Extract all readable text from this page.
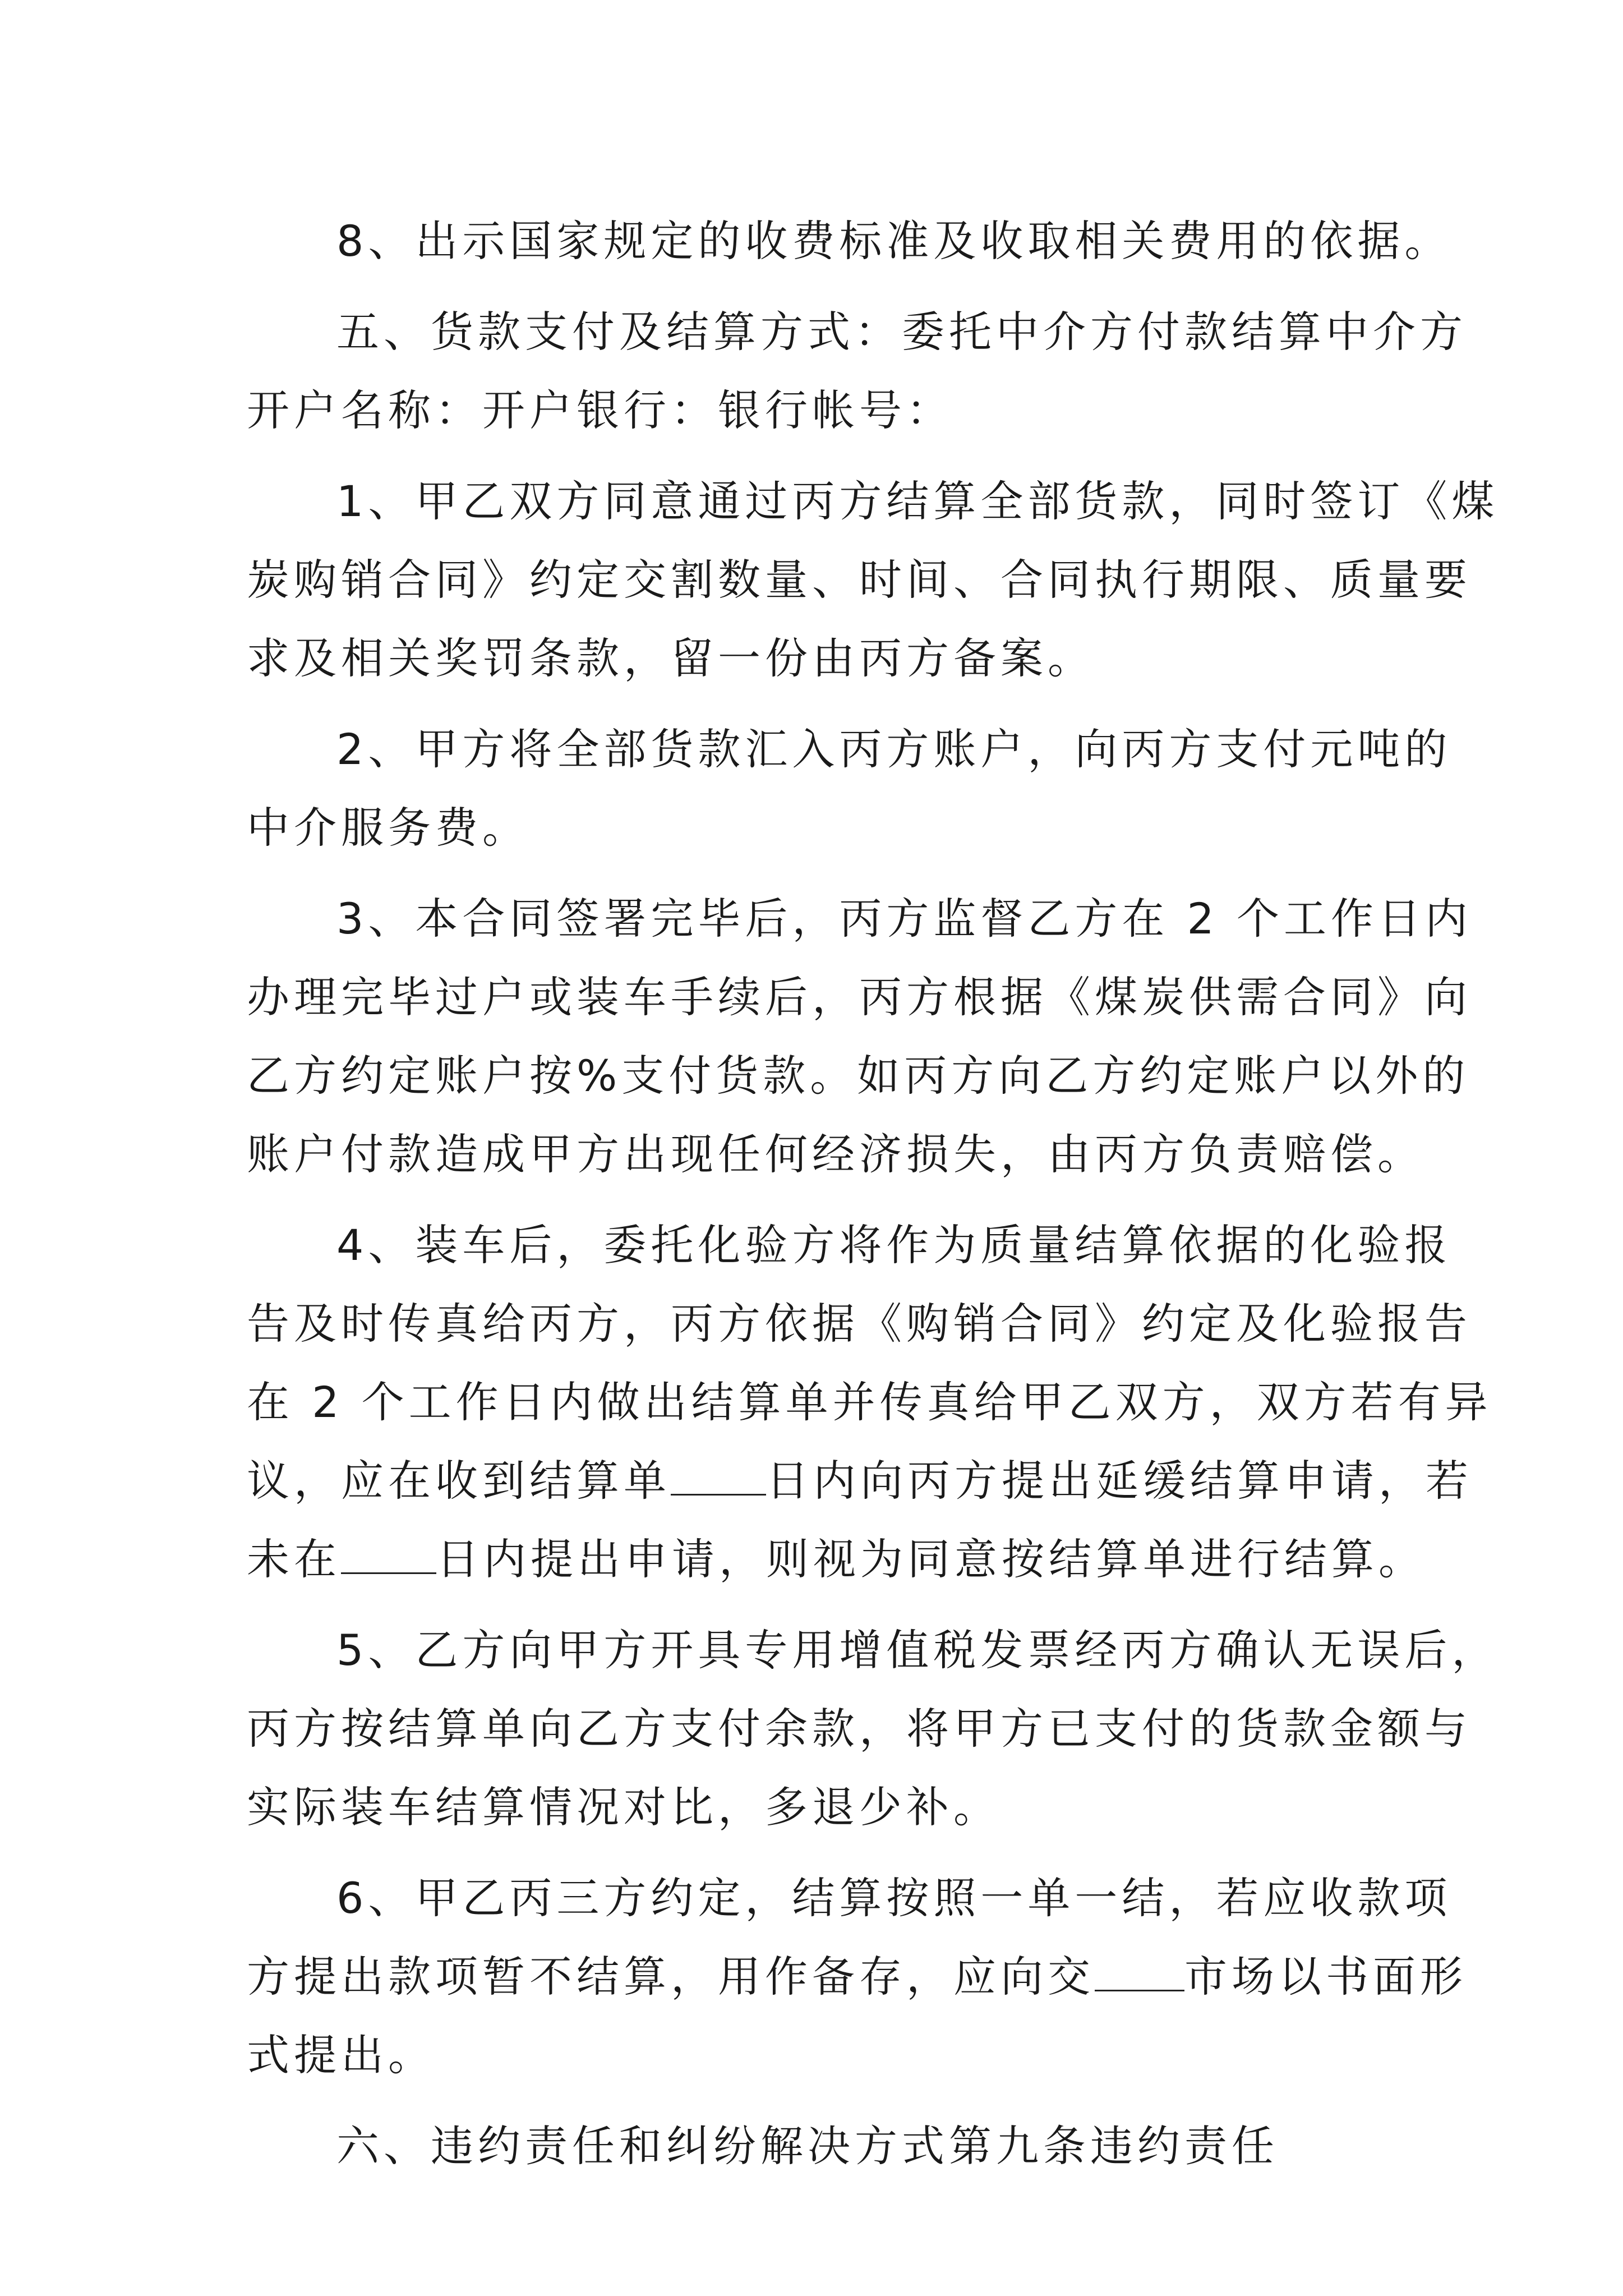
8、出示国家规定的收费标准及收取相关费用的依据。
五、货款支付及结算方式：委托中介方付款结算中介方
开户名称：开户银行：银行帐号：
1、甲乙双方同意通过丙方结算全部货款，同时签订《煤
炭购销合同》约定交割数量、时间、合同执行期限、质量要
求及相关奖罚条款，留一份由丙方备案。
2、甲方将全部货款汇入丙方账户，向丙方支付元吨的
中介服务费。
3、本合同签署完毕后，丙方监督乙方在 2 个工作日内
办理完毕过户或装车手续后，丙方根据《煤炭供需合同》向
乙方约定账户按%支付货款。如丙方向乙方约定账户以外的
账户付款造成甲方出现任何经济损失，由丙方负责赔偿。
4、装车后，委托化验方将作为质量结算依据的化验报
告及时传真给丙方，丙方依据《购销合同》约定及化验报告
在 2 个工作日内做出结算单并传真给甲乙双方，双方若有异
议，应在收到结算单 日内向丙方提出延缓结算申请，若
未在 日内提出申请，则视为同意按结算单进行结算。
5、乙方向甲方开具专用增值税发票经丙方确认无误后，
丙方按结算单向乙方支付余款，将甲方已支付的货款金额与
实际装车结算情况对比，多退少补。
6、甲乙丙三方约定，结算按照一单一结，若应收款项
方提出款项暂不结算，用作备存，应向交 市场以书面形
式提出。
六、违约责任和纠纷解决方式第九条违约责任
